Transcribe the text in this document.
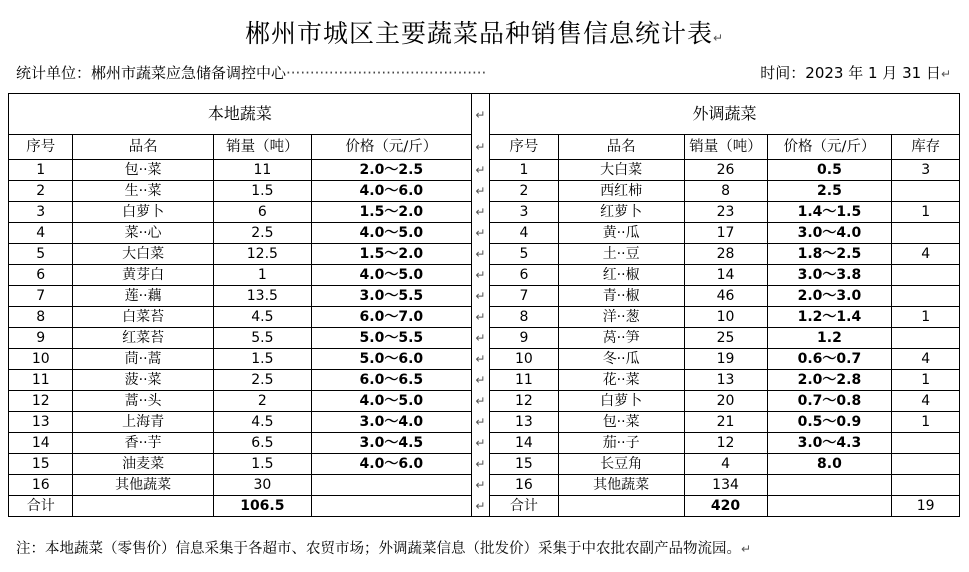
郴州市城区主要蔬菜品种销售信息统计表↵
统计单位：郴州市蔬菜应急储备调控中心··········································	时间：2023 年 1 月 31 日↵
本地蔬菜				↵	外调蔬菜				
序号	品名	销量（吨）	价格（元/斤）	↵	序号	品名	销量（吨）	价格（元/斤）	库存
1	包··菜	11	2.0～2.5	↵	1	大白菜	26	0.5	3
2	生··菜	1.5	4.0～6.0	↵	2	西红柿	8	2.5	
3	白萝卜	6	1.5～2.0	↵	3	红萝卜	23	1.4～1.5	1
4	菜··心	2.5	4.0～5.0	↵	4	黄··瓜	17	3.0～4.0	
5	大白菜	12.5	1.5～2.0	↵	5	土··豆	28	1.8～2.5	4
6	黄芽白	1	4.0～5.0	↵	6	红··椒	14	3.0～3.8	
7	莲··藕	13.5	3.0～5.5	↵	7	青··椒	46	2.0～3.0	
8	白菜苔	4.5	6.0～7.0	↵	8	洋··葱	10	1.2～1.4	1
9	红菜苔	5.5	5.0～5.5	↵	9	莴··笋	25	1.2	
10	茼··蒿	1.5	5.0～6.0	↵	10	冬··瓜	19	0.6～0.7	4
11	菠··菜	2.5	6.0～6.5	↵	11	花··菜	13	2.0～2.8	1
12	蒿··头	2	4.0～5.0	↵	12	白萝卜	20	0.7～0.8	4
13	上海青	4.5	3.0～4.0	↵	13	包··菜	21	0.5～0.9	1
14	香··芋	6.5	3.0～4.5	↵	14	茄··子	12	3.0～4.3	
15	油麦菜	1.5	4.0～6.0	↵	15	长豆角	4	8.0	
16	其他蔬菜	30		↵	16	其他蔬菜	134		
合计		106.5		↵	合计		420		19
注：本地蔬菜（零售价）信息采集于各超市、农贸市场；外调蔬菜信息（批发价）采集于中农批农副产品物流园。↵
